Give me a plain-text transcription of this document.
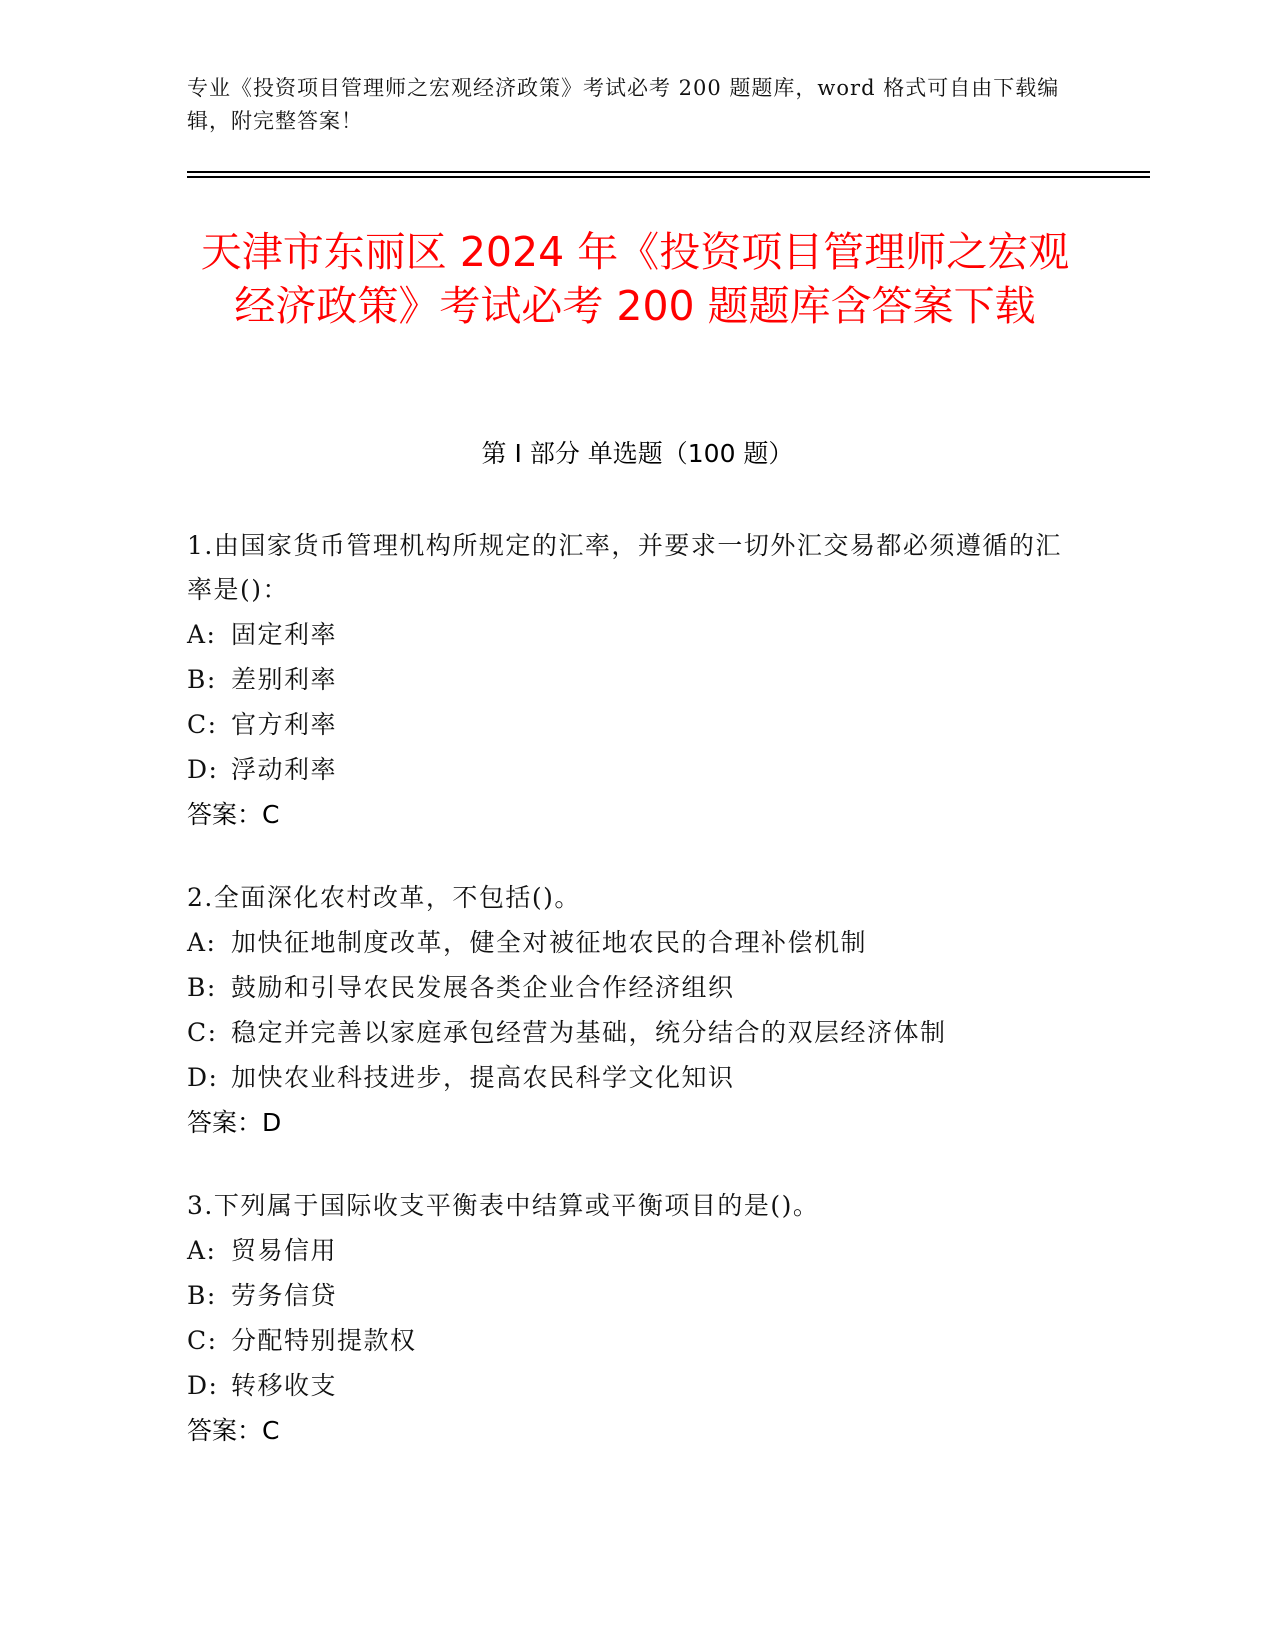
专业《投资项目管理师之宏观经济政策》考试必考 200 题题库，word 格式可自由下载编辑，附完整答案！
天津市东丽区 2024 年《投资项目管理师之宏观经济政策》考试必考 200 题题库含答案下载
第 I 部分 单选题（100 题）
1.由国家货币管理机构所规定的汇率，并要求一切外汇交易都必须遵循的汇率是()：
A: 固定利率
B: 差别利率
C: 官方利率
D: 浮动利率
答案：C
2.全面深化农村改革，不包括()。
A: 加快征地制度改革，健全对被征地农民的合理补偿机制
B: 鼓励和引导农民发展各类企业合作经济组织
C: 稳定并完善以家庭承包经营为基础，统分结合的双层经济体制
D: 加快农业科技进步，提高农民科学文化知识
答案：D
3.下列属于国际收支平衡表中结算或平衡项目的是()。
A: 贸易信用
B: 劳务信贷
C: 分配特别提款权
D: 转移收支
答案：C
